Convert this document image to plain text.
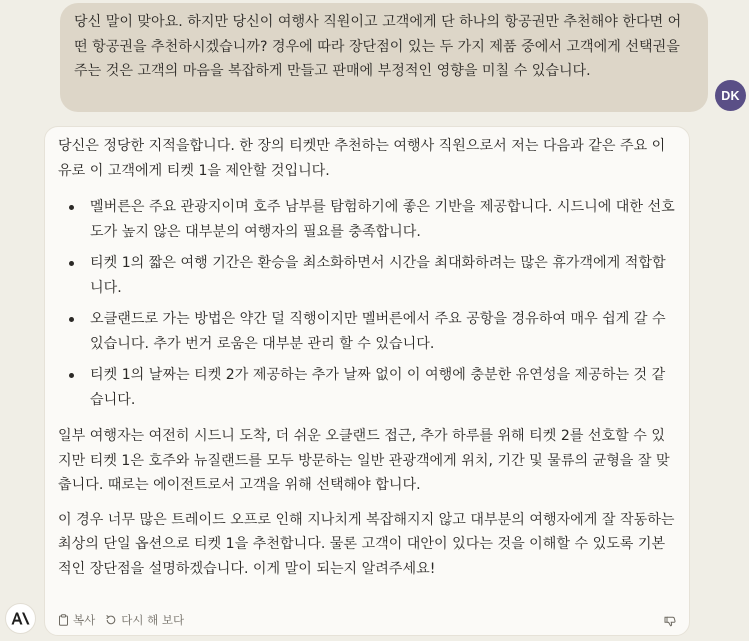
당신 말이 맞아요. 하지만 당신이 여행사 직원이고 고객에게 단 하나의 항공권만 추천해야 한다면 어떤 항공권을 추천하시겠습니까? 경우에 따라 장단점이 있는 두 가지 제품 중에서 고객에게 선택권을 주는 것은 고객의 마음을 복잡하게 만들고 판매에 부정적인 영향을 미칠 수 있습니다.
DK

당신은 정당한 지적을합니다. 한 장의 티켓만 추천하는 여행사 직원으로서 저는 다음과 같은 주요 이유로 이 고객에게 티켓 1을 제안할 것입니다.

멜버른은 주요 관광지이며 호주 남부를 탐험하기에 좋은 기반을 제공합니다. 시드니에 대한 선호도가 높지 않은 대부분의 여행자의 필요를 충족합니다.
티켓 1의 짧은 여행 기간은 환승을 최소화하면서 시간을 최대화하려는 많은 휴가객에게 적합합니다.
오클랜드로 가는 방법은 약간 덜 직행이지만 멜버른에서 주요 공항을 경유하여 매우 쉽게 갈 수 있습니다. 추가 번거 로움은 대부분 관리 할 수 있습니다.
티켓 1의 날짜는 티켓 2가 제공하는 추가 날짜 없이 이 여행에 충분한 유연성을 제공하는 것 같습니다.

일부 여행자는 여전히 시드니 도착, 더 쉬운 오클랜드 접근, 추가 하루를 위해 티켓 2를 선호할 수 있지만 티켓 1은 호주와 뉴질랜드를 모두 방문하는 일반 관광객에게 위치, 기간 및 물류의 균형을 잘 맞춥니다. 때로는 에이전트로서 고객을 위해 선택해야 합니다.

이 경우 너무 많은 트레이드 오프로 인해 지나치게 복잡해지지 않고 대부분의 여행자에게 잘 작동하는 최상의 단일 옵션으로 티켓 1을 추천합니다. 물론 고객이 대안이 있다는 것을 이해할 수 있도록 기본적인 장단점을 설명하겠습니다. 이게 말이 되는지 알려주세요!

복사 다시 해 보다
